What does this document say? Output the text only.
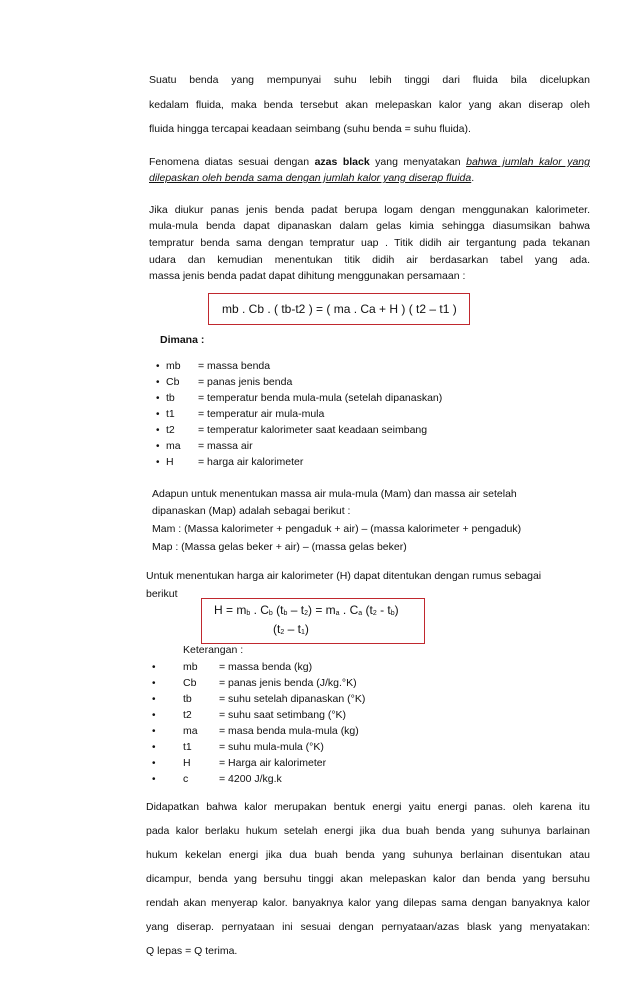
Suatu benda yang mempunyai suhu lebih tinggi dari fluida bila dicelupkan
kedalam fluida, maka benda tersebut akan melepaskan kalor yang akan diserap oleh
fluida hingga tercapai keadaan seimbang (suhu benda = suhu fluida).
Fenomena diatas sesuai dengan azas black yang menyatakan bahwa jumlah kalor yang
dilepaskan oleh benda sama dengan jumlah kalor yang diserap fluida.
Jika diukur panas jenis benda padat berupa logam dengan menggunakan kalorimeter.
mula-mula benda dapat dipanaskan dalam gelas kimia sehingga diasumsikan bahwa
tempratur benda sama dengan tempratur uap . Titik didih air tergantung pada tekanan
udara dan kemudian menentukan titik didih air berdasarkan tabel yang ada.
massa jenis benda padat dapat dihitung menggunakan persamaan :
mb . Cb . ( tb-t2 ) = ( ma . Ca + H ) ( t2 – t1 )
Dimana :
• mb = massa benda
• Cb = panas jenis benda
• tb = temperatur benda mula-mula (setelah dipanaskan)
• t1 = temperatur air mula-mula
• t2 = temperatur kalorimeter saat keadaan seimbang
• ma = massa air
• H = harga air kalorimeter
Adapun untuk menentukan massa air mula-mula (Mam) dan massa air setelah
dipanaskan (Map) adalah sebagai berikut :
Mam : (Massa kalorimeter + pengaduk + air) – (massa kalorimeter + pengaduk)
Map : (Massa gelas beker + air) – (massa gelas beker)
Untuk menentukan harga air kalorimeter (H) dapat ditentukan dengan rumus sebagai
berikut
H = mb . Cb (tb – t2) = ma . Ca (t2 - tb)
(t2 – t1)
Keterangan :
•	mb = massa benda (kg)
•	Cb = panas jenis benda (J/kg.°K)
•	tb	= suhu setelah dipanaskan (°K)
•	t2	= suhu saat setimbang (°K)
•	ma = masa benda mula-mula (kg)
•	t1	= suhu mula-mula (°K)
•	H	= Harga air kalorimeter
•	c	= 4200 J/kg.k
Didapatkan bahwa kalor merupakan bentuk energi yaitu energi panas. oleh karena itu
pada kalor berlaku hukum setelah energi jika dua buah benda yang suhunya barlainan
hukum kekelan energi jika dua buah benda yang suhunya berlainan disentukan atau
dicampur, benda yang bersuhu tinggi akan melepaskan kalor dan benda yang bersuhu
rendah akan menyerap kalor. banyaknya kalor yang dilepas sama dengan banyaknya kalor
yang diserap. pernyataan ini sesuai dengan pernyataan/azas blask yang menyatakan:
Q lepas = Q terima.
